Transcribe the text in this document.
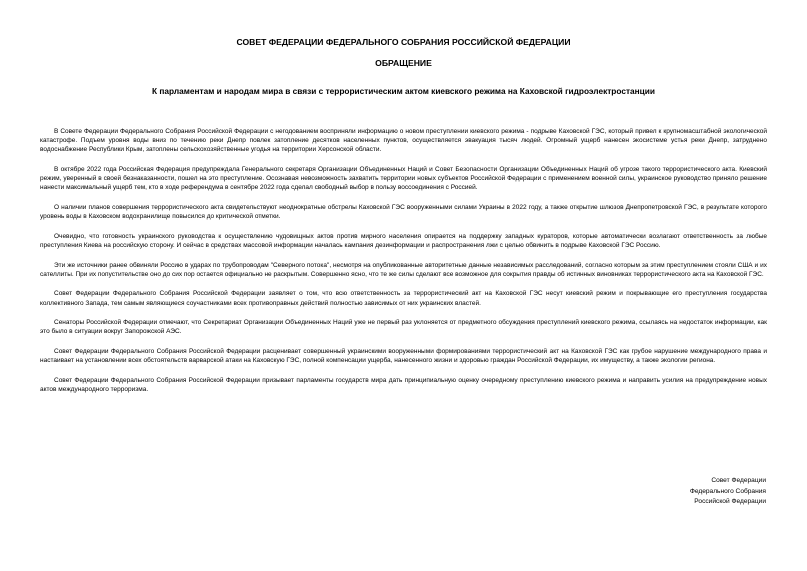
СОВЕТ ФЕДЕРАЦИИ ФЕДЕРАЛЬНОГО СОБРАНИЯ РОССИЙСКОЙ ФЕДЕРАЦИИ
ОБРАЩЕНИЕ
К парламентам и народам мира в связи с террористическим актом киевского режима на Каховской гидроэлектростанции

В Совете Федерации Федерального Собрания Российской Федерации с негодованием восприняли информацию о новом преступлении киевского режима - подрыве Каховской ГЭС, который привел к крупномасштабной экологической катастрофе. Подъем уровня воды вниз по течению реки Днепр повлек затопление десятков населенных пунктов, осуществляется эвакуация тысяч людей. Огромный ущерб нанесен экосистеме устья реки Днепр, затруднено водоснабжение Республики Крым, затоплены сельскохозяйственные угодья на территории Херсонской области.

В октябре 2022 года Российская Федерация предупреждала Генерального секретаря Организации Объединенных Наций и Совет Безопасности Организации Объединенных Наций об угрозе такого террористического акта. Киевский режим, уверенный в своей безнаказанности, пошел на это преступление. Осознавая невозможность захватить территории новых субъектов Российской Федерации с применением военной силы, украинское руководство приняло решение нанести максимальный ущерб тем, кто в ходе референдума в сентябре 2022 года сделал свободный выбор в пользу воссоединения с Россией.

О наличии планов совершения террористического акта свидетельствуют неоднократные обстрелы Каховской ГЭС вооруженными силами Украины в 2022 году, а также открытие шлюзов Днепропетровской ГЭС, в результате которого уровень воды в Каховском водохранилище повысился до критической отметки.

Очевидно, что готовность украинского руководства к осуществлению чудовищных актов против мирного населения опирается на поддержку западных кураторов, которые автоматически возлагают ответственность за любые преступления Киева на российскую сторону. И сейчас в средствах массовой информации началась кампания дезинформации и распространения лжи с целью обвинить в подрыве Каховской ГЭС Россию.

Эти же источники ранее обвиняли Россию в ударах по трубопроводам "Северного потока", несмотря на опубликованные авторитетные данные независимых расследований, согласно которым за этим преступлением стояли США и их сателлиты. При их попустительстве оно до сих пор остается официально не раскрытым. Совершенно ясно, что те же силы сделают все возможное для сокрытия правды об истинных виновниках террористического акта на Каховской ГЭС.

Совет Федерации Федерального Собрания Российской Федерации заявляет о том, что всю ответственность за террористический акт на Каховской ГЭС несут киевский режим и покрывающие его преступления государства коллективного Запада, тем самым являющиеся соучастниками всех противоправных действий полностью зависимых от них украинских властей.

Сенаторы Российской Федерации отмечают, что Секретариат Организации Объединенных Наций уже не первый раз уклоняется от предметного обсуждения преступлений киевского режима, ссылаясь на недостаток информации, как это было в ситуации вокруг Запорожской АЭС.

Совет Федерации Федерального Собрания Российской Федерации расценивает совершенный украинскими вооруженными формированиями террористический акт на Каховской ГЭС как грубое нарушение международного права и настаивает на установлении всех обстоятельств варварской атаки на Каховскую ГЭС, полной компенсации ущерба, нанесенного жизни и здоровью граждан Российской Федерации, их имуществу, а также экологии региона.

Совет Федерации Федерального Собрания Российской Федерации призывает парламенты государств мира дать принципиальную оценку очередному преступлению киевского режима и направить усилия на предупреждение новых актов международного терроризма.

Совет Федерации
Федерального Собрания
Российской Федерации
